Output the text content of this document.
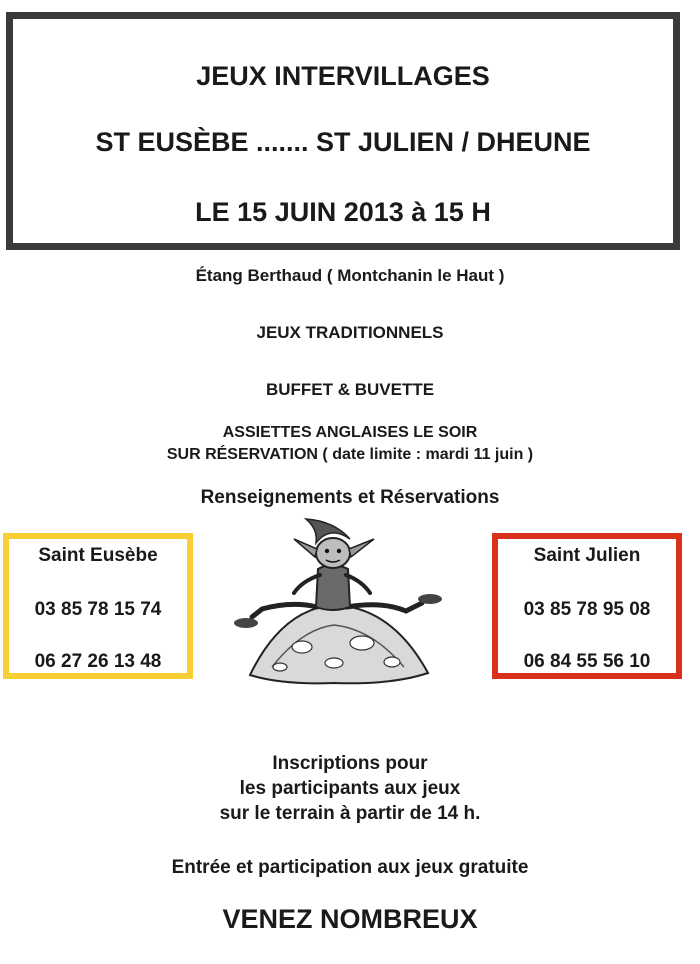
JEUX INTERVILLAGES
ST EUSÈBE ....... ST JULIEN / DHEUNE
LE 15 JUIN 2013 à 15 H
Étang Berthaud ( Montchanin le Haut )
JEUX TRADITIONNELS
BUFFET & BUVETTE
ASSIETTES ANGLAISES LE SOIR
SUR RÉSERVATION ( date limite : mardi 11 juin )
Renseignements et Réservations
Saint Eusèbe
03 85 78 15 74
06 27 26 13 48
Saint Julien
03 85 78 95 08
06 84 55 56 10
Inscriptions pour
les participants aux jeux
sur le terrain à partir de 14 h.
Entrée et participation aux jeux gratuite
VENEZ NOMBREUX
